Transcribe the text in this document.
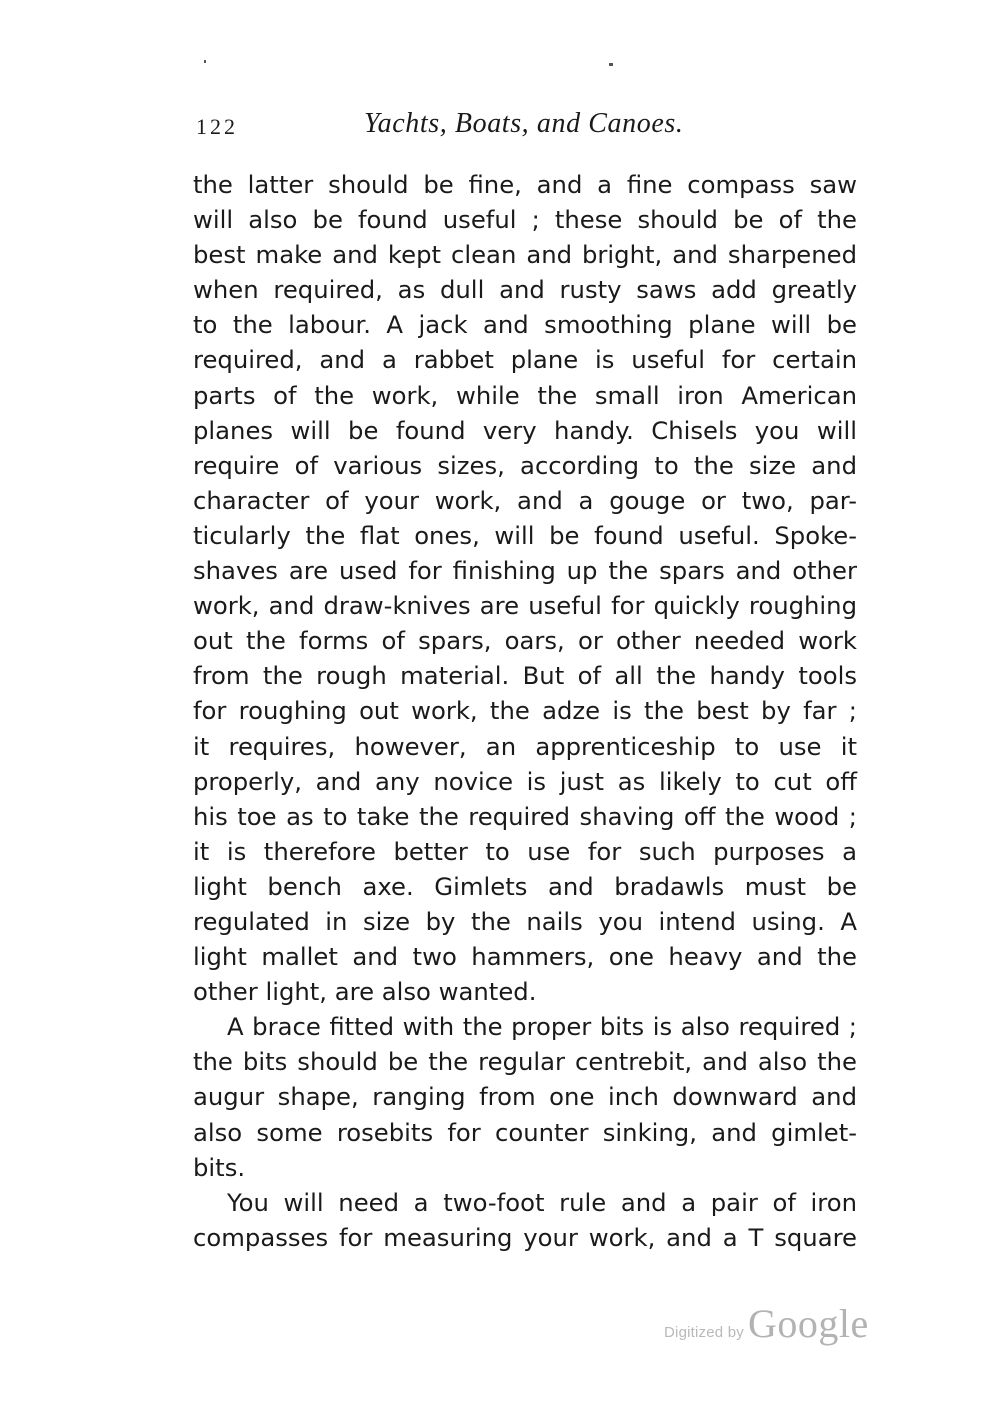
122	Yachts, Boats, and Canoes.
the latter should be fine, and a fine compass saw
will also be found useful ; these should be of the
best make and kept clean and bright, and sharpened
when required, as dull and rusty saws add greatly
to the labour. A jack and smoothing plane will be
required, and a rabbet plane is useful for certain
parts of the work, while the small iron American
planes will be found very handy. Chisels you will
require of various sizes, according to the size and
character of your work, and a gouge or two, par-
ticularly the flat ones, will be found useful. Spoke-
shaves are used for finishing up the spars and other
work, and draw-knives are useful for quickly roughing
out the forms of spars, oars, or other needed work
from the rough material. But of all the handy tools
for roughing out work, the adze is the best by far ;
it requires, however, an apprenticeship to use it
properly, and any novice is just as likely to cut off
his toe as to take the required shaving off the wood ;
it is therefore better to use for such purposes a
light bench axe. Gimlets and bradawls must be
regulated in size by the nails you intend using. A
light mallet and two hammers, one heavy and the
other light, are also wanted.
A brace fitted with the proper bits is also required ;
the bits should be the regular centrebit, and also the
augur shape, ranging from one inch downward and
also some rosebits for counter sinking, and gimlet-
bits.
You will need a two-foot rule and a pair of iron
compasses for measuring your work, and a T square
Digitized by Google
